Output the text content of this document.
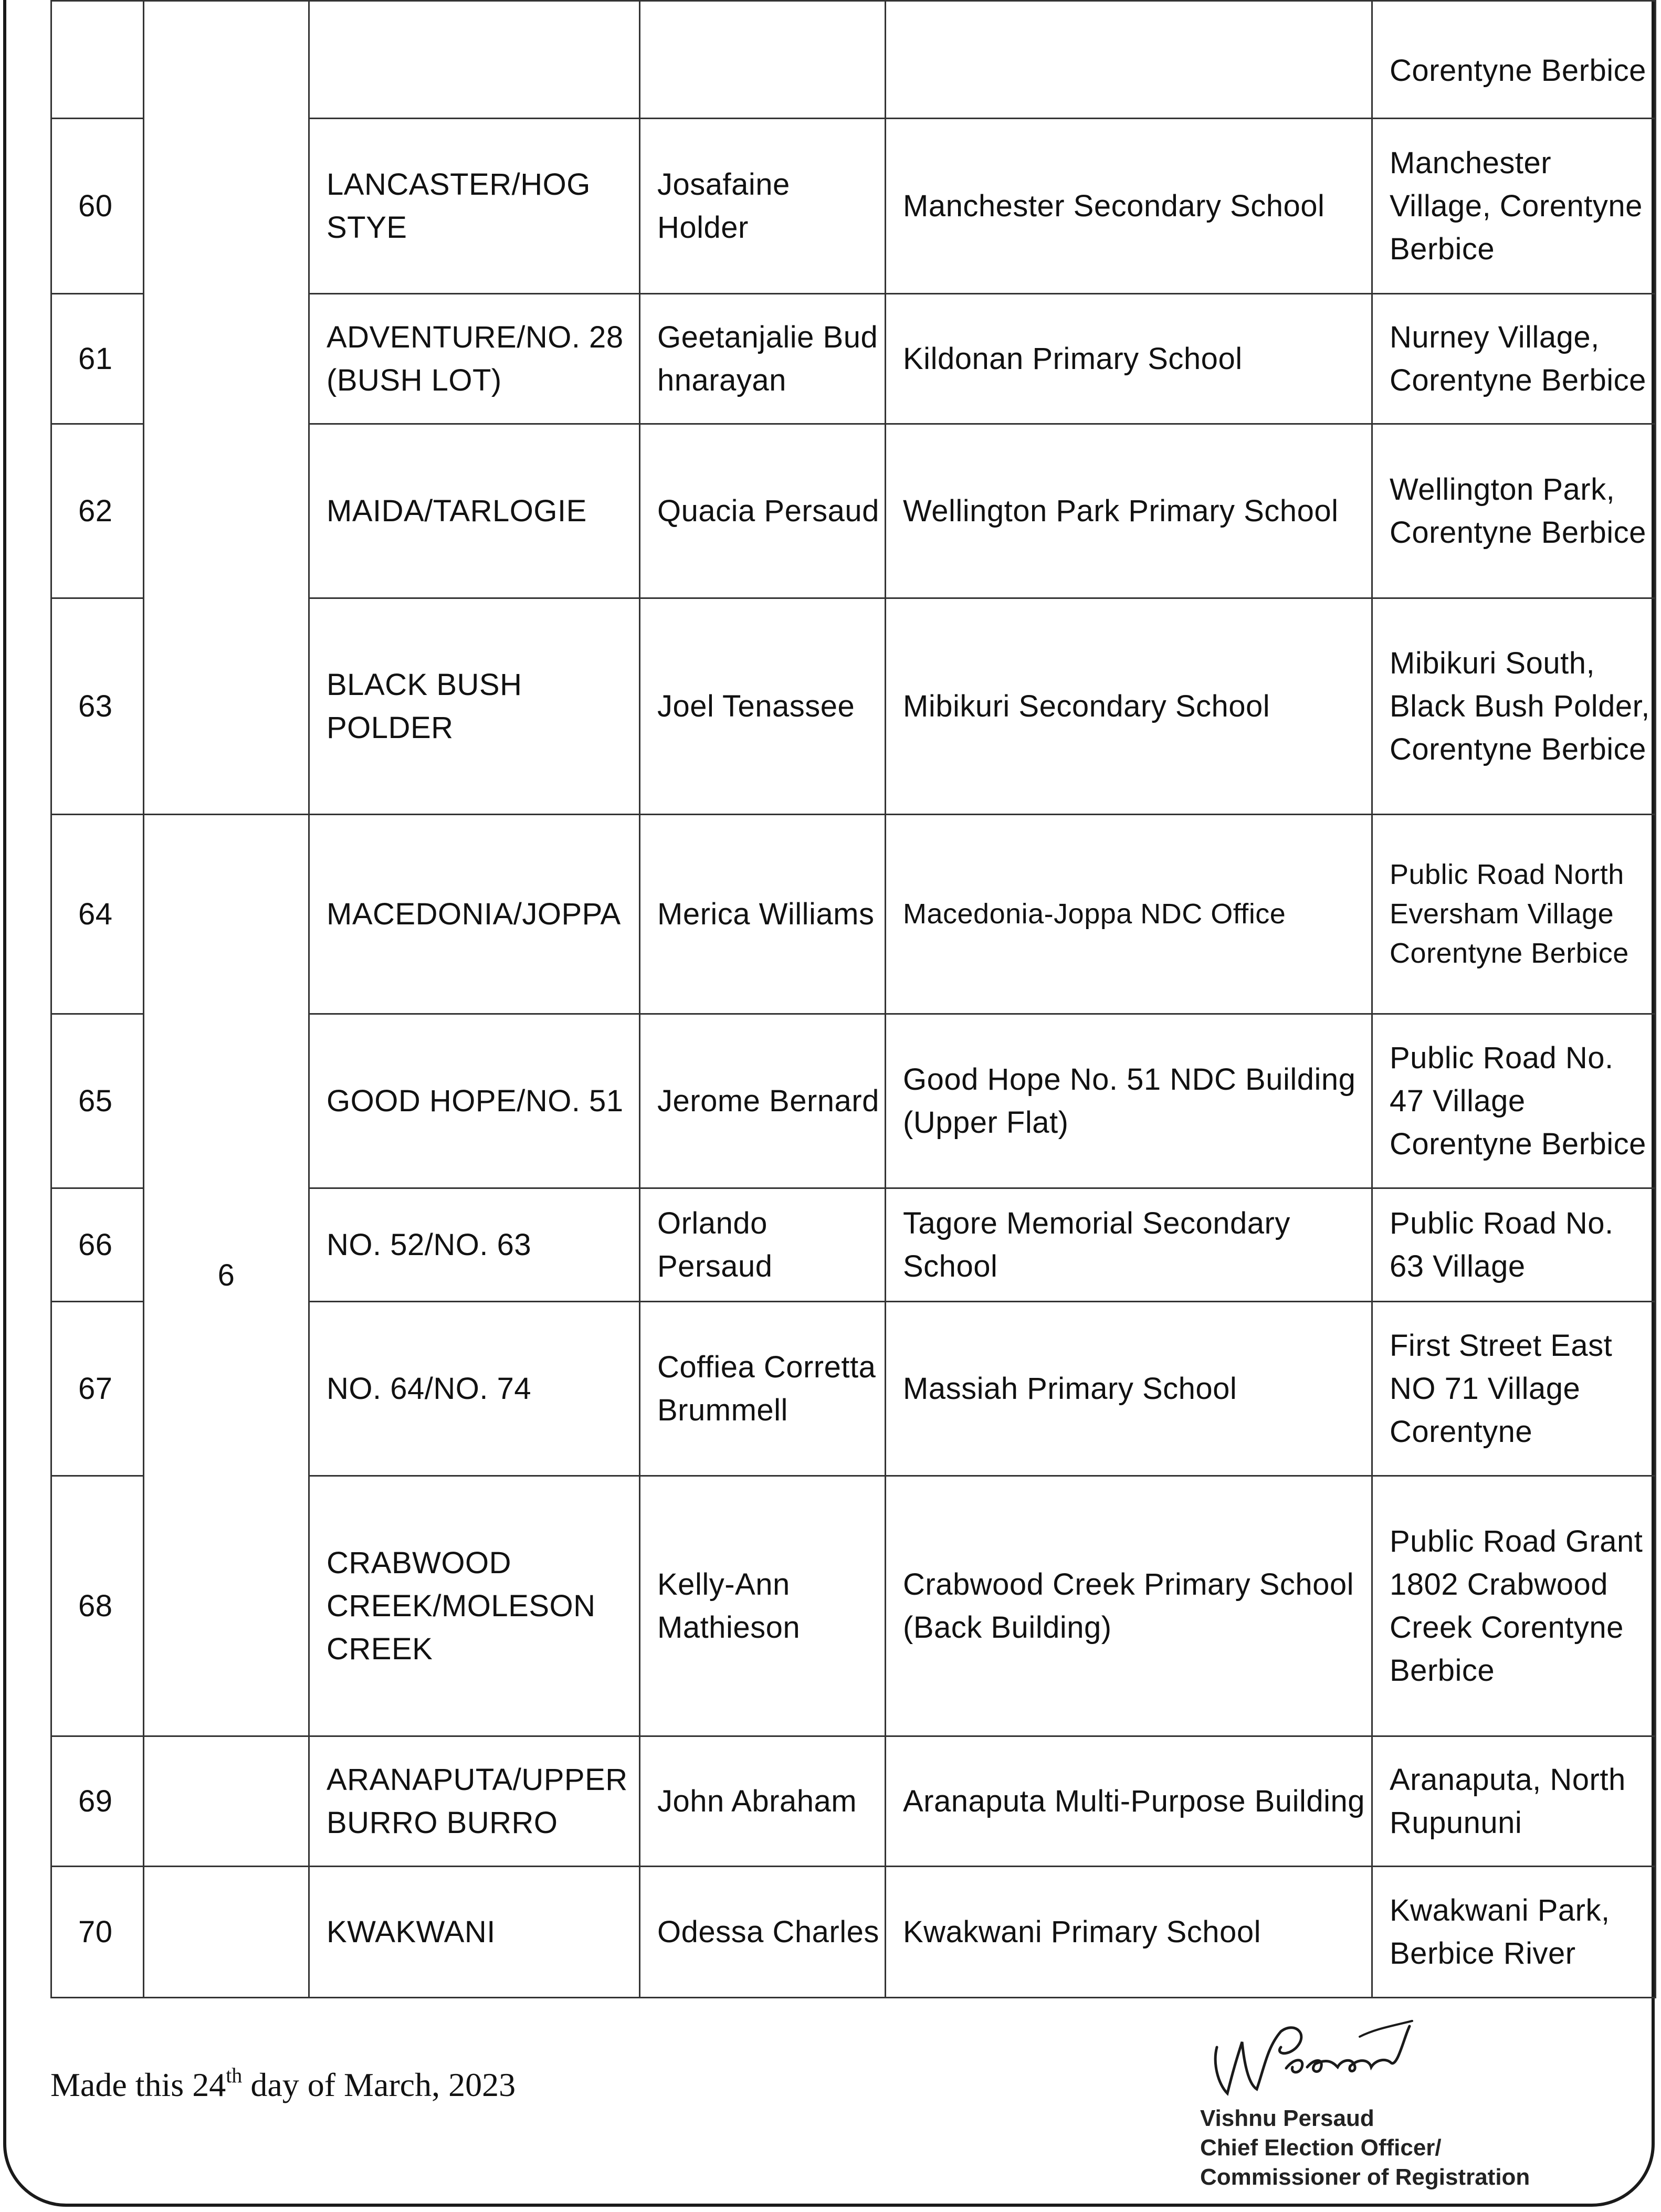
					Corentyne Berbice

60		LANCASTER/HOG STYE	Josafaine Holder	Manchester Secondary School	Manchester Village, Corentyne Berbice
61		ADVENTURE/NO. 28 (BUSH LOT)	Geetanjalie Budhnarayan	Kildonan Primary School	Nurney Village, Corentyne Berbice
62		MAIDA/TARLOGIE	Quacia Persaud	Wellington Park Primary School	Wellington Park, Corentyne Berbice
63		BLACK BUSH POLDER	Joel Tenassee	Mibikuri Secondary School	Mibikuri South, Black Bush Polder, Corentyne Berbice
64	6	MACEDONIA/JOPPA	Merica Williams	Macedonia-Joppa NDC Office	Public Road North Eversham Village Corentyne Berbice
65		GOOD HOPE/NO. 51	Jerome Bernard	Good Hope No. 51 NDC Building (Upper Flat)	Public Road No. 47 Village Corentyne Berbice
66		NO. 52/NO. 63	Orlando Persaud	Tagore Memorial Secondary School	Public Road No. 63 Village
67		NO. 64/NO. 74	Coffiea Corretta Brummell	Massiah Primary School	First Street East NO 71 Village Corentyne
68		CRABWOOD CREEK/MOLESON CREEK	Kelly-Ann Mathieson	Crabwood Creek Primary School (Back Building)	Public Road Grant 1802 Crabwood Creek Corentyne Berbice
69		ARANAPUTA/UPPER BURRO BURRO	John Abraham	Aranaputa Multi-Purpose Building	Aranaputa, North Rupununi
70		KWAKWANI	Odessa Charles	Kwakwani Primary School	Kwakwani Park, Berbice River
Made this 24th day of March, 2023
Vishnu Persaud
Chief Election Officer/
Commissioner of Registration
